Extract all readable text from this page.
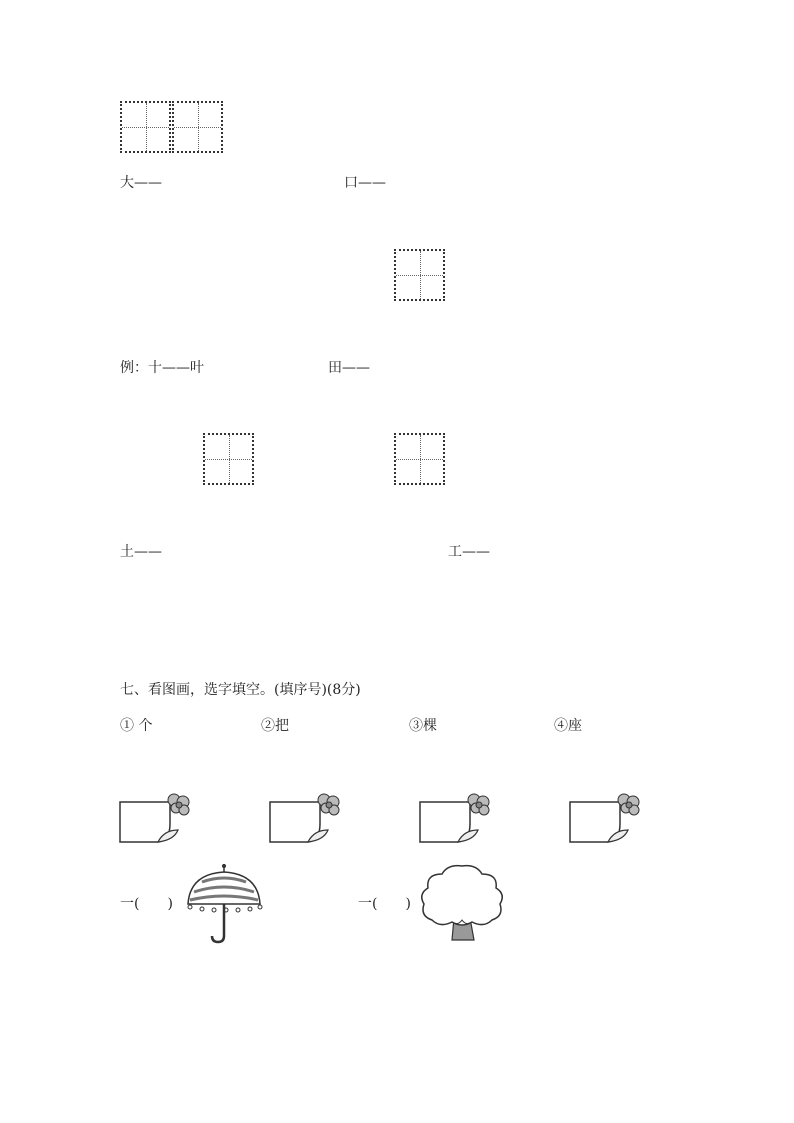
大——	口——
例：十——叶	田——
土——	工——
七、看图画，选字填空。(填序号)(8分)
① 个	②把	③棵	④座
一(　　)	一(　　)
